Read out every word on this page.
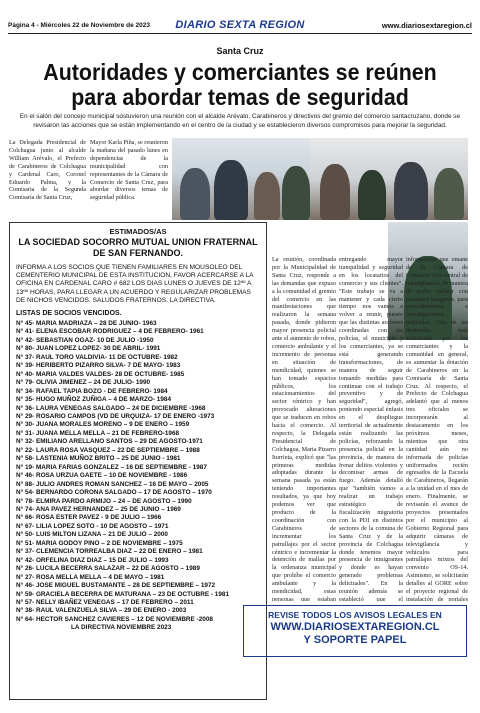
Página 4 - Miércoles 22 de Noviembre de 2023	DIARIO SEXTA REGION	www.diariosextaregion.cl
Santa Cruz
Autoridades y comerciantes se reúnen
para abordar temas de seguridad
En el salón del concejo municipal sostuvieron una reunión con el alcalde Arévalo, Carabineros y directivos del gremio del comercio santacruzano, donde se revisaron las acciones que se están implementando en el centro de la ciudad y se establecieron diversos compromisos para mejorar la seguridad.
La Delegada Presidencial de Colchagua junto al alcalde William Arévalo, el Prefecto de Carabineros de Colchagua y Cardenal Caro, Coronel Eduardo Palma, y la Comisaria de la Segunda Comisaría de Santa Cruz,
Mayor Karla Piña, se reunieron la mañana del pasado lunes en dependencias de la municipalidad con representantes de la Cámara de Comercio de Santa Cruz, para abordar diversos temas de seguridad pública.
La reunión, coordinada por la Municipalidad de Santa Cruz, responde a las demandas que expuso a la comunidad el gremio del comercio en las manifestaciones que realizaron la semana pasada, donde pidieron mayor presencia policial ante el aumento de robos, comercio ambulante y el incremento de personas en situación de mendicidad, quienes se han tomado espacios públicos, los estacionamientos del sector céntrico y han provocado alteraciones que se traducen en robos hacia el comercio. Al respecto, la Delegada Presidencial de Colchagua, Marta Pizarro Iturrieta, explicó que "las primeras medidas adoptadas durante la semana pasada ya están teniendo importantes resultados, ya que hoy podemos ver que producto de la coordinación con Carabineros de incrementar los patrullajes por el sector céntrico e incrementar la detención de mallas por la ordenanza municipal que prohíbe el comercio ambulante y la mendicidad, estas personas que estaban
entregando mayor tranquilidad y seguridad en los locatarios del comercio y sus clientes". "Este trabajo se va a mantener y cada cierto tiempo nos vamos a volver a reunir, puesto que las distintas acciones coordinadas con las policías, el municipio y los comerciantes, ya se está generando transformaciones, de manera de seguir tomando medidas para continuar con el trabajo preventivo y de seguridad", agregó, poniendo especial énfasis en el despliegue territorial de actualmente están realizando las policías, reforzando la presencia policial en la provincia, de manera de frenar delitos violentos y decomisar armas de fuego. Además detalló que "también vamos a realizar un trabajo estratégico de fiscalización migratoria con la PDI en distintos sectores de la comuna de Santa Cruz y de la provincia de Colchagua donde tenemos mayor presencia de inmigrantes y donde es hayan generado problemas delictuales". En la reunión además se estableció que el
información que emane de la Cámara de Comercio con central de televigilancia, de manera de poder utilizar con prontitud imágenes, para procedimientos e investigaciones policiales. Una de las demandas más solicitadas por los comerciantes y la comunidad en general, es aumentar la dotación de Carabineros en la Comisaría de Santa Cruz. Al respecto, el Prefecto de Colchagua adelantó que al menos tres oficiales se incorporarán al destacamento en los próximos meses, mientras que otra cantidad aún no informada de policías uniformados recién egresados de la Escuela de Carabineros, llegarán a la unidad en el mes de enero. Finalmente, se revisarán el avance de proyectos presentados por el municipio al Gobierno Regional para adquirir cámaras de televigilancia y vehículos para patrullajes mixtos del convenio OS-14. Asimismo, se solicitarán detalles al GORE sobre el proyecto regional de instalación de portales
ESTIMADOS/AS
LA SOCIEDAD SOCORRO MUTUAL UNION FRATERNAL DE SAN FERNANDO.
INFORMA A LOS SOCIOS QUE TIENEN FAMILIARES EN MOUSOLEO DEL CEMENTERIO MUNICIPAL DE ESTA INSTITUCION, FAVOR ACERCARSE A LA OFICINA EN CARDENAL CARO # 682 LOS DIAS LUNES O JUEVES DE 12ºº A 13ºº HORAS, PARA LLEGAR A UN ACUERDO Y REGULARIZAR PROBLEMAS DE NICHOS VENCIDOS. SALUDOS FRATERNOS. LA DIRECTIVA.
LISTAS DE SOCIOS VENCIDOS.
N° 45- MARIA MADRIAZA – 28 DE JUNIO- 1963
N° 41- ELENA ESCOBAR RODRIGUEZ – 4 DE FEBRERO- 1961
N° 42- SEBASTIAN OGAZ- 10 DE JULIO -1950
N° 80- JUAN LOPEZ LOPEZ- 30 DE ABRIL- 1991
N° 37- RAUL TORO VALDIVIA- 11 DE OCTUBRE- 1982
N° 39- HERIBERTO PIZARRO SILVA- 7 DE MAYO- 1983
N° 40- MARIA VALDES VALDES- 28 DE OCTUBRE- 1985
N° 79- OLIVIA JIMENEZ – 24 DE JULIO- 1990
N° 34- RAFAEL TAPIA BOZO - DE FEBRERO- 1984
N° 35- HUGO MUÑOZ ZUÑIGA – 4 DE MARZO- 1984
N° 36- LAURA VENEGAS SALGADO – 24 DE DICIEMBRE -1968
N° 29- ROSARIO CAMPOS (VD DE URQUIZA- 17 DE ENERO -1973
N° 30- JUANA MORALES MORENO – 9 DE ENERO – 1959
N° 31- JUANA MELLA MELLA – 21 DE FEBRERO-1968
N° 32- EMILIANO ARELLANO SANTOS – 29 DE AGOSTO-1971
N° 22- LAURA ROSA VASQUEZ – 22 DE SEPTIEMBRE – 1988
N° 58- LASTENIA MUÑOZ BRITO – 25 DE JUNIO - 1981
N° 19- MARIA FARIAS GONZALEZ – 16 DE SEPTIEMBRE - 1987
N° 46- ROSA URZUA GAETE – 10 DE NOVIEMBRE - 1986
N° 88- JULIO ANDRES ROMAN SANCHEZ – 16 DE MAYO – 2005
N° 54- BERNARDO CORONA SALGADO – 17 DE AGOSTO – 1970
N° 78- ELMIRA PARDO ARMIJO – 24 – DE AGOSTO – 1990
N° 74- ANA PAVEZ HERNANDEZ – 25 DE JUNIO – 1969
N° 66- ROSA ESTER PAVEZ - 9 DE JULIO – 1966
N° 67- LILIA LOPEZ SOTO - 10 DE AGOSTO – 1971
N° 50- LUIS MILTON LIZANA – 21 DE JULIO – 2000
N° 51- MARIA GODOY PINO – 2 DE NOVIEMBRE – 1975
N° 37- CLEMENCIA TORREALBA DIAZ – 22 DE ENERO – 1981
N° 42- ORFELINA DIAZ DIAZ – 15 DE JULIO – 1993
N° 26- LUCILA BECERRA SALAZAR – 22 DE AGOSTO – 1989
N° 27- ROSA MELLA MELLA – 4 DE MAYO – 1981
N° 46- JOSE MIGUEL BUSTAMANTE – 28 DE SEPTIEMBRE – 1972
N° 59- GRACIELA BECERRA DE MATURANA – 23 DE OCTUBRE - 1981
N° 57- NELLY IBAÑEZ VENEGAS – 17 DE FEBRERO – 2011
N° 38- RAUL VALENZUELA SILVA – 29 DE ENERO - 2003
N° 64- HECTOR SANCHEZ CAVIERES – 12 DE NOVIEMBRE -2008
LA DIRECTIVA NOVIEMBRE 2023
REVISE TODOS LOS AVISOS LEGALES EN
WWW.DIARIOSEXTAREGION.CL
Y SOPORTE PAPEL
